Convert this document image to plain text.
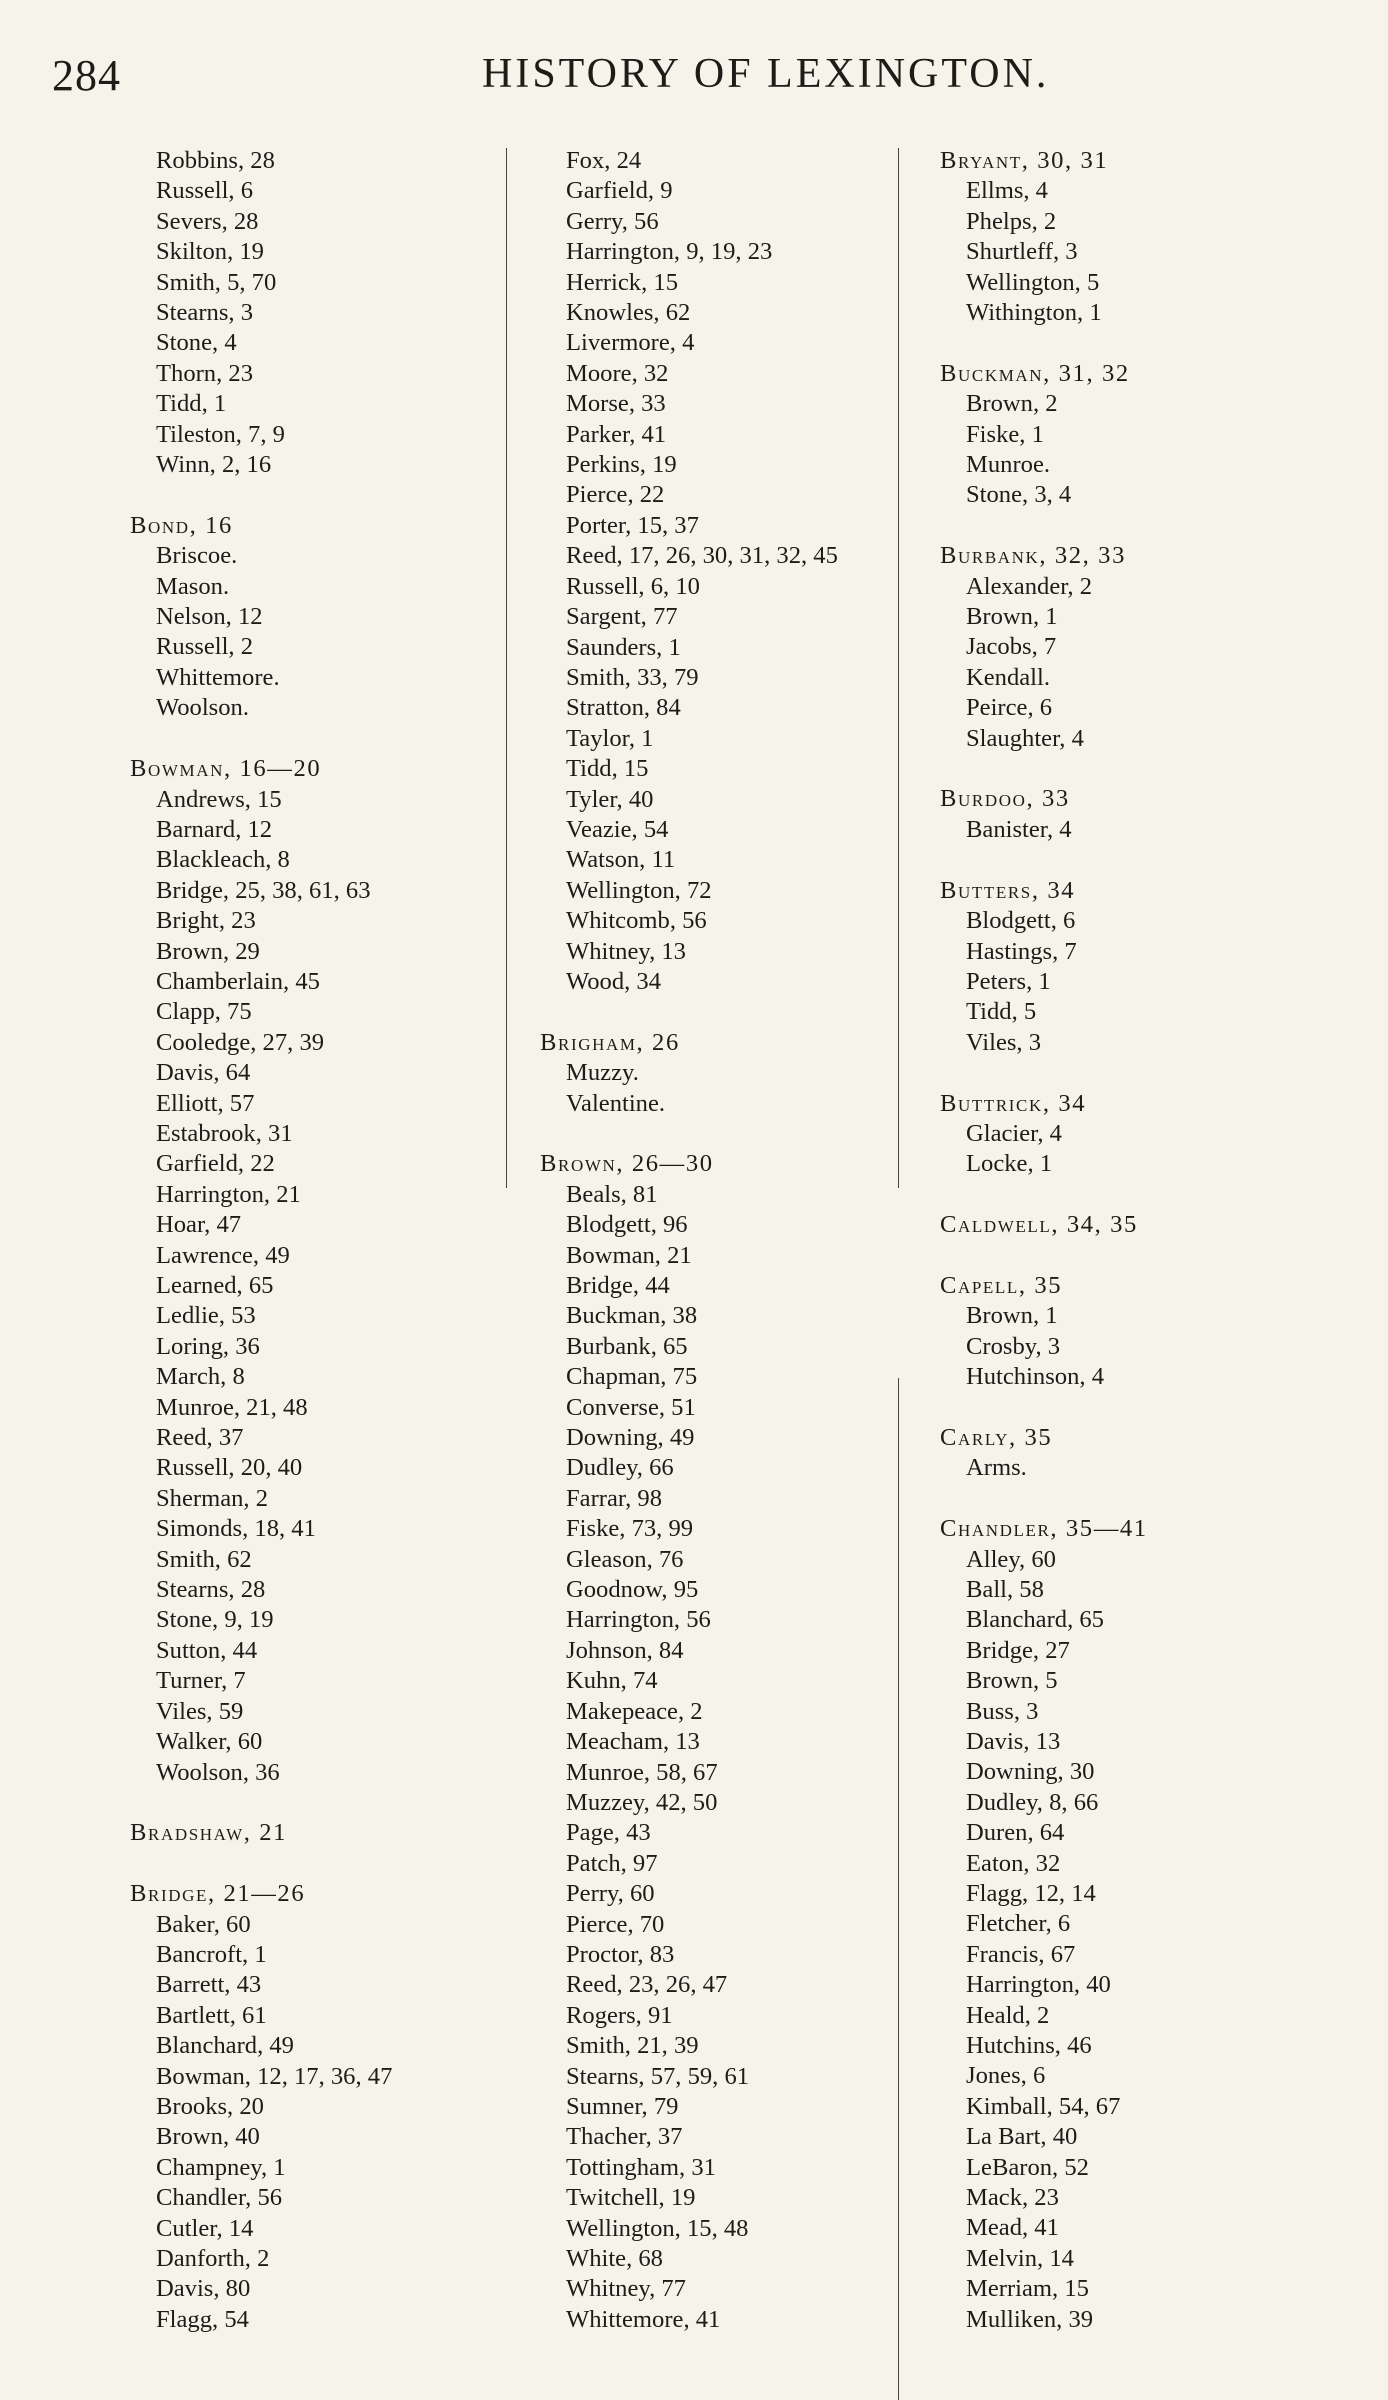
284	HISTORY OF LEXINGTON.
Robbins, 28
Russell, 6
Severs, 28
Skilton, 19
Smith, 5, 70
Stearns, 3
Stone, 4
Thorn, 23
Tidd, 1
Tileston, 7, 9
Winn, 2, 16
Bond, 16
Briscoe.
Mason.
Nelson, 12
Russell, 2
Whittemore.
Woolson.
Bowman, 16—20
Andrews, 15
Barnard, 12
Blackleach, 8
Bridge, 25, 38, 61, 63
Bright, 23
Brown, 29
Chamberlain, 45
Clapp, 75
Cooledge, 27, 39
Davis, 64
Elliott, 57
Estabrook, 31
Garfield, 22
Harrington, 21
Hoar, 47
Lawrence, 49
Learned, 65
Ledlie, 53
Loring, 36
March, 8
Munroe, 21, 48
Reed, 37
Russell, 20, 40
Sherman, 2
Simonds, 18, 41
Smith, 62
Stearns, 28
Stone, 9, 19
Sutton, 44
Turner, 7
Viles, 59
Walker, 60
Woolson, 36
Bradshaw, 21
Bridge, 21—26
Baker, 60
Bancroft, 1
Barrett, 43
Bartlett, 61
Blanchard, 49
Bowman, 12, 17, 36, 47
Brooks, 20
Brown, 40
Champney, 1
Chandler, 56
Cutler, 14
Danforth, 2
Davis, 80
Flagg, 54
Fox, 24
Garfield, 9
Gerry, 56
Harrington, 9, 19, 23
Herrick, 15
Knowles, 62
Livermore, 4
Moore, 32
Morse, 33
Parker, 41
Perkins, 19
Pierce, 22
Porter, 15, 37
Reed, 17, 26, 30, 31, 32, 45
Russell, 6, 10
Sargent, 77
Saunders, 1
Smith, 33, 79
Stratton, 84
Taylor, 1
Tidd, 15
Tyler, 40
Veazie, 54
Watson, 11
Wellington, 72
Whitcomb, 56
Whitney, 13
Wood, 34
Brigham, 26
Muzzy.
Valentine.
Brown, 26—30
Beals, 81
Blodgett, 96
Bowman, 21
Bridge, 44
Buckman, 38
Burbank, 65
Chapman, 75
Converse, 51
Downing, 49
Dudley, 66
Farrar, 98
Fiske, 73, 99
Gleason, 76
Goodnow, 95
Harrington, 56
Johnson, 84
Kuhn, 74
Makepeace, 2
Meacham, 13
Munroe, 58, 67
Muzzey, 42, 50
Page, 43
Patch, 97
Perry, 60
Pierce, 70
Proctor, 83
Reed, 23, 26, 47
Rogers, 91
Smith, 21, 39
Stearns, 57, 59, 61
Sumner, 79
Thacher, 37
Tottingham, 31
Twitchell, 19
Wellington, 15, 48
White, 68
Whitney, 77
Whittemore, 41
Bryant, 30, 31
Ellms, 4
Phelps, 2
Shurtleff, 3
Wellington, 5
Withington, 1
Buckman, 31, 32
Brown, 2
Fiske, 1
Munroe.
Stone, 3, 4
Burbank, 32, 33
Alexander, 2
Brown, 1
Jacobs, 7
Kendall.
Peirce, 6
Slaughter, 4
Burdoo, 33
Banister, 4
Butters, 34
Blodgett, 6
Hastings, 7
Peters, 1
Tidd, 5
Viles, 3
Buttrick, 34
Glacier, 4
Locke, 1
Caldwell, 34, 35
Capell, 35
Brown, 1
Crosby, 3
Hutchinson, 4
Carly, 35
Arms.
Chandler, 35—41
Alley, 60
Ball, 58
Blanchard, 65
Bridge, 27
Brown, 5
Buss, 3
Davis, 13
Downing, 30
Dudley, 8, 66
Duren, 64
Eaton, 32
Flagg, 12, 14
Fletcher, 6
Francis, 67
Harrington, 40
Heald, 2
Hutchins, 46
Jones, 6
Kimball, 54, 67
La Bart, 40
LeBaron, 52
Mack, 23
Mead, 41
Melvin, 14
Merriam, 15
Mulliken, 39
